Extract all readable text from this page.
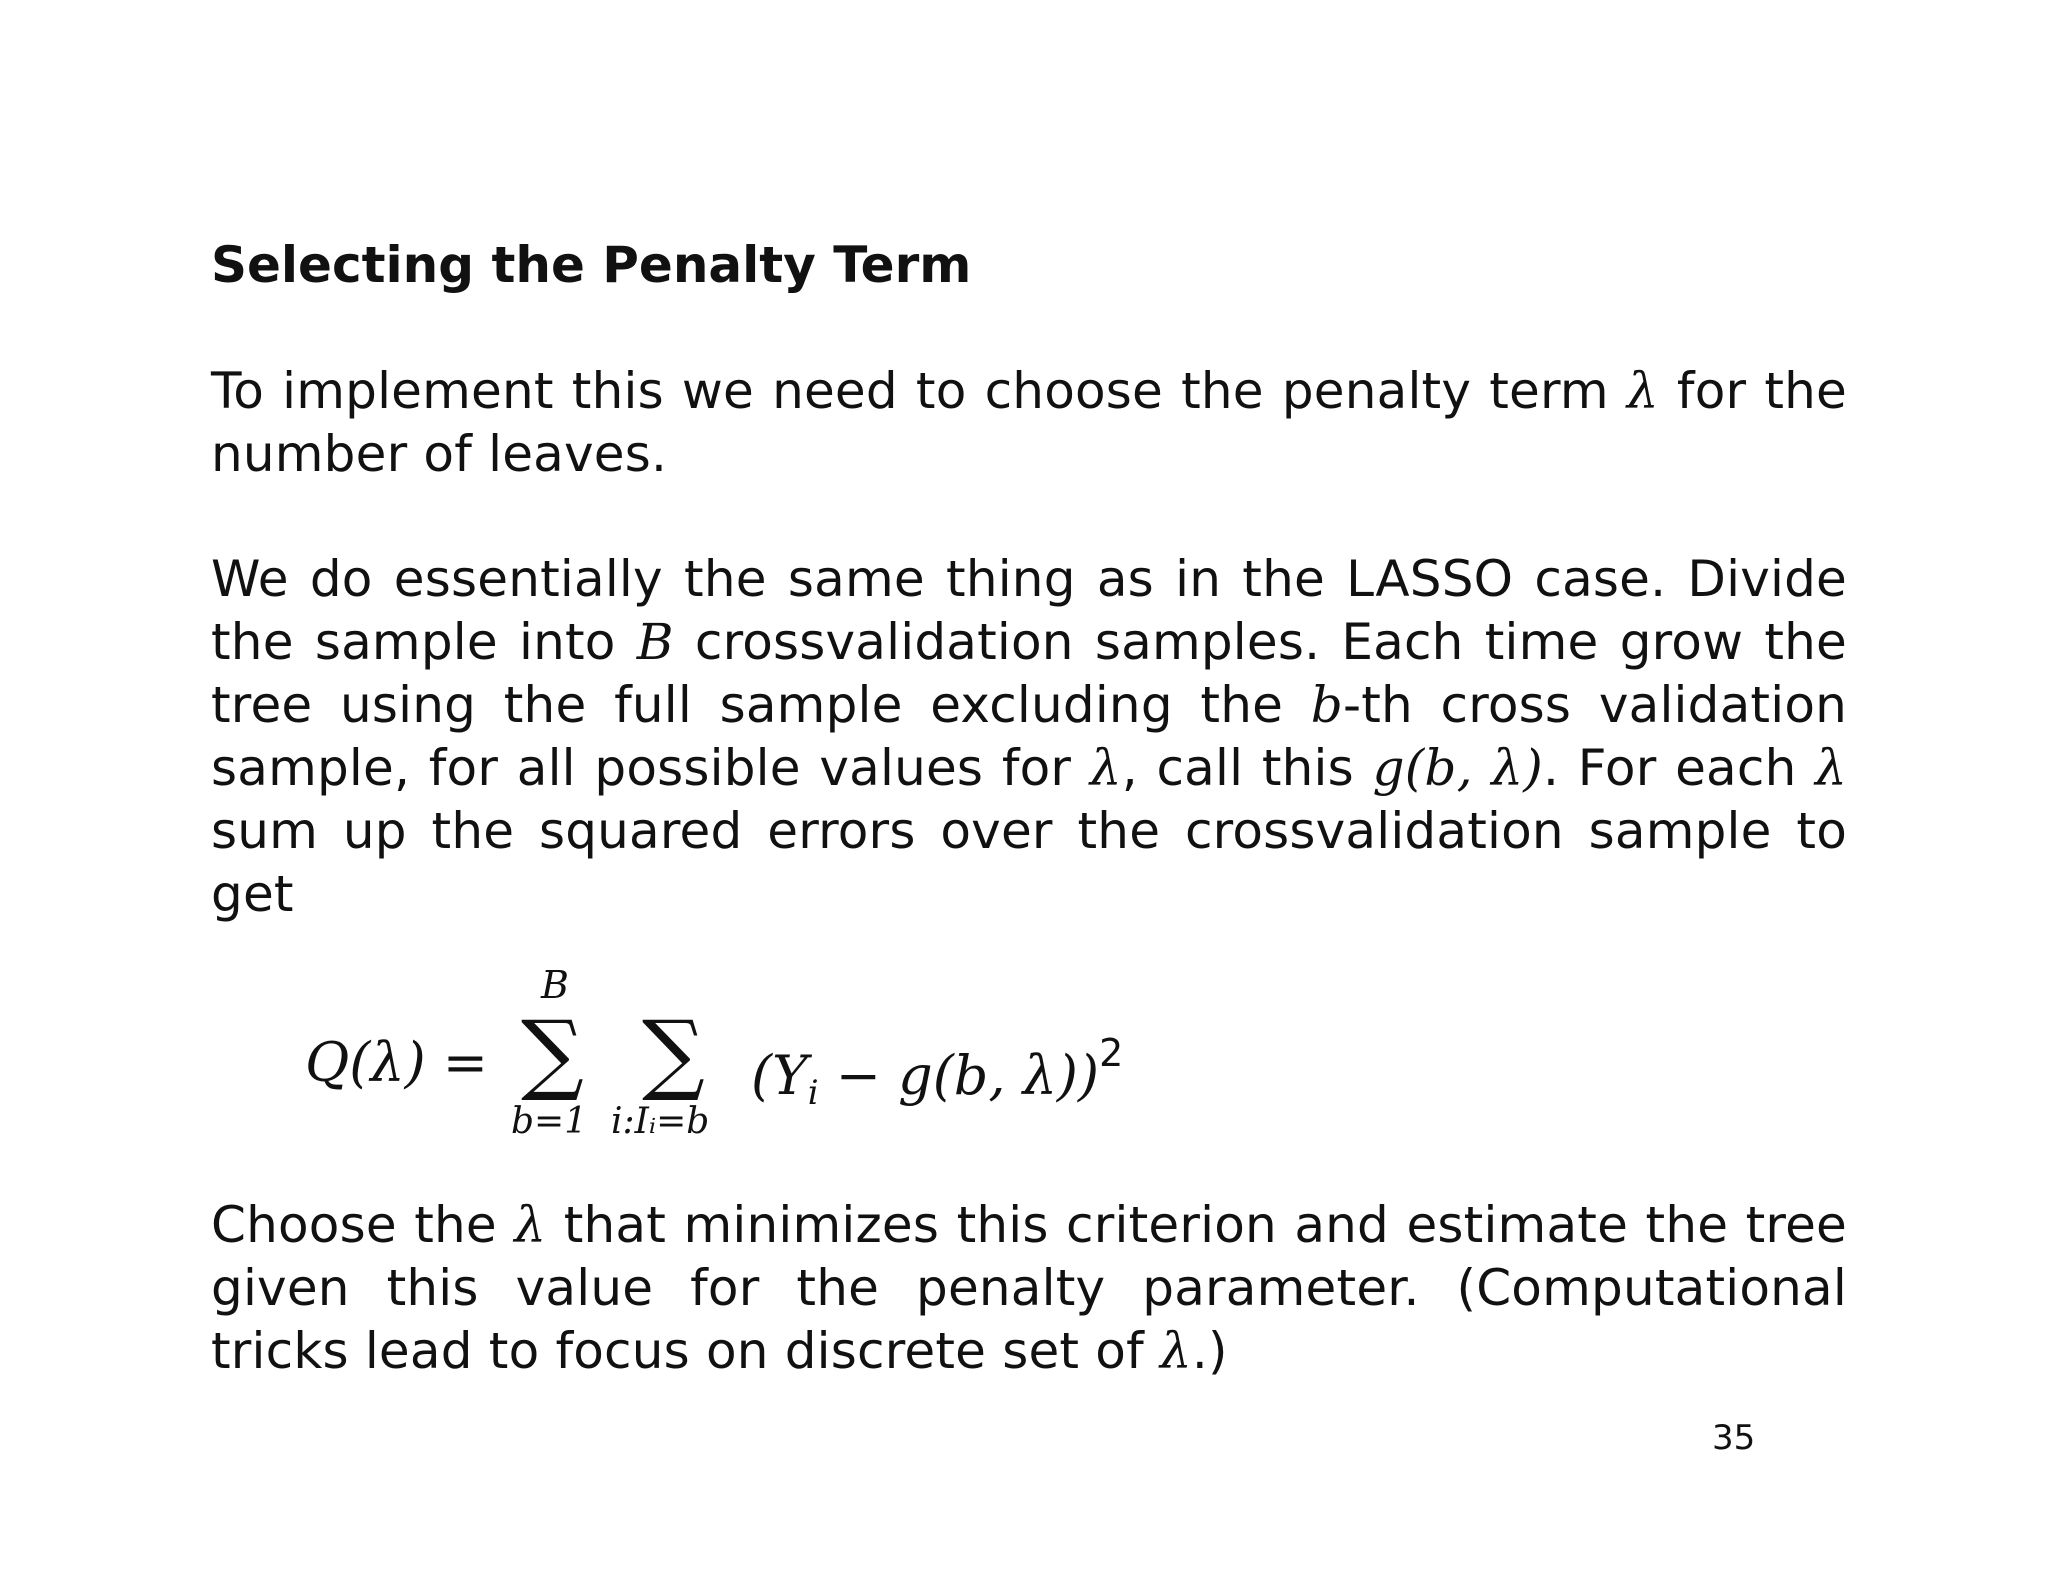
Selecting the Penalty Term
To implement this we need to choose the penalty term λ for the number of leaves.
We do essentially the same thing as in the LASSO case. Divide the sample into B crossvalidation samples. Each time grow the tree using the full sample excluding the b-th cross validation sample, for all possible values for λ, call this g(b, λ). For each λ sum up the squared errors over the crossvalidation sample to get
Q(λ) =
B
∑ ∑
b=1 i:Iᵢ=b
($Y_i - g(b$, λ))$^2$
Choose the λ that minimizes this criterion and estimate the tree given this value for the penalty parameter. (Computational tricks lead to focus on discrete set of λ.)
35
